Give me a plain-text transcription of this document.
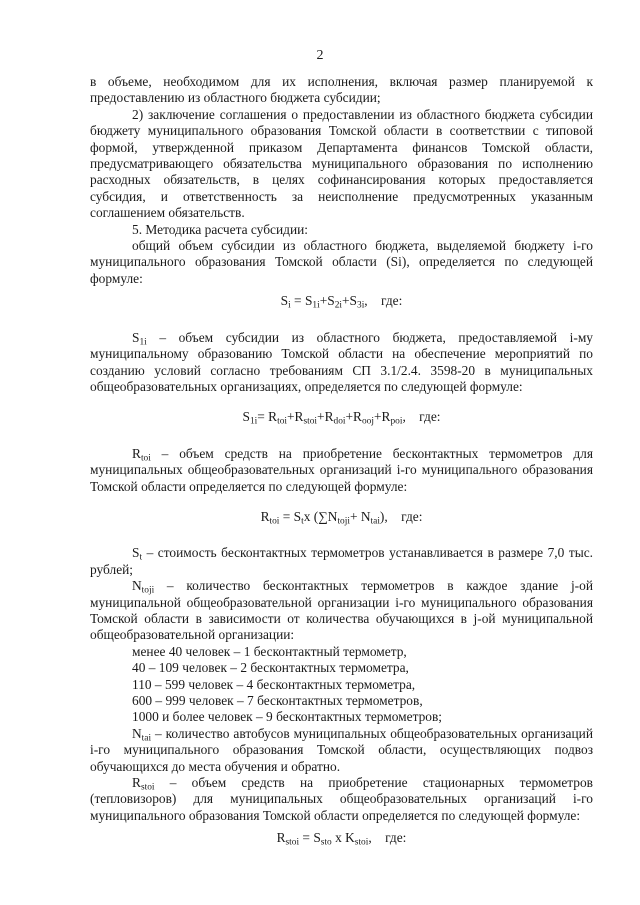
2

в объеме, необходимом для их исполнения, включая размер планируемой к предоставлению из областного бюджета субсидии;

2) заключение соглашения о предоставлении из областного бюджета субсидии бюджету муниципального образования Томской области в соответствии с типовой формой, утвержденной приказом Департамента финансов Томской области, предусматривающего обязательства муниципального образования по исполнению расходных обязательств, в целях софинансирования которых предоставляется субсидия, и ответственность за неисполнение предусмотренных указанным соглашением обязательств.

5. Методика расчета субсидии:

общий объем субсидии из областного бюджета, выделяемой бюджету i-го муниципального образования Томской области (Si), определяется по следующей формуле:

$S_i = S_{1i}+S_{2i}+S_{3i}$,    где:

$S_{1i}$ – объем субсидии из областного бюджета, предоставляемой i-му муниципальному образованию Томской области на обеспечение мероприятий по созданию условий согласно требованиям СП 3.1/2.4. 3598-20 в муниципальных общеобразовательных организациях, определяется по следующей формуле:

$S_{1i}= R_{toi}+R_{stoi}+R_{doi}+R_{ooj}+R_{poi}$,    где:

$R_{toi}$ – объем средств на приобретение бесконтактных термометров для муниципальных общеобразовательных организаций i-го муниципального образования Томской области определяется по следующей формуле:

$R_{toi} = S_tx$ $(\sum N_{toji}+ N_{tai})$,    где:

$S_t$ – стоимость бесконтактных термометров устанавливается в размере 7,0 тыс. рублей;

$N_{toji}$ – количество бесконтактных термометров в каждое здание j-ой муниципальной общеобразовательной организации i-го муниципального образования Томской области в зависимости от количества обучающихся в j-ой муниципальной общеобразовательной организации:

менее 40 человек – 1 бесконтактный термометр,

40 – 109 человек – 2 бесконтактных термометра,

110 – 599 человек – 4 бесконтактных термометра,

600 – 999 человек – 7 бесконтактных термометров,

1000 и более человек – 9 бесконтактных термометров;

$N_{tai}$ – количество автобусов муниципальных общеобразовательных организаций i-го муниципального образования Томской области, осуществляющих подвоз обучающихся до места обучения и обратно.

$R_{stoi}$ – объем средств на приобретение стационарных термометров (тепловизоров) для муниципальных общеобразовательных организаций i-го муниципального образования Томской области определяется по следующей формуле:

$R_{stoi} = S_{sto}$ x $K_{stoi}$,    где:
